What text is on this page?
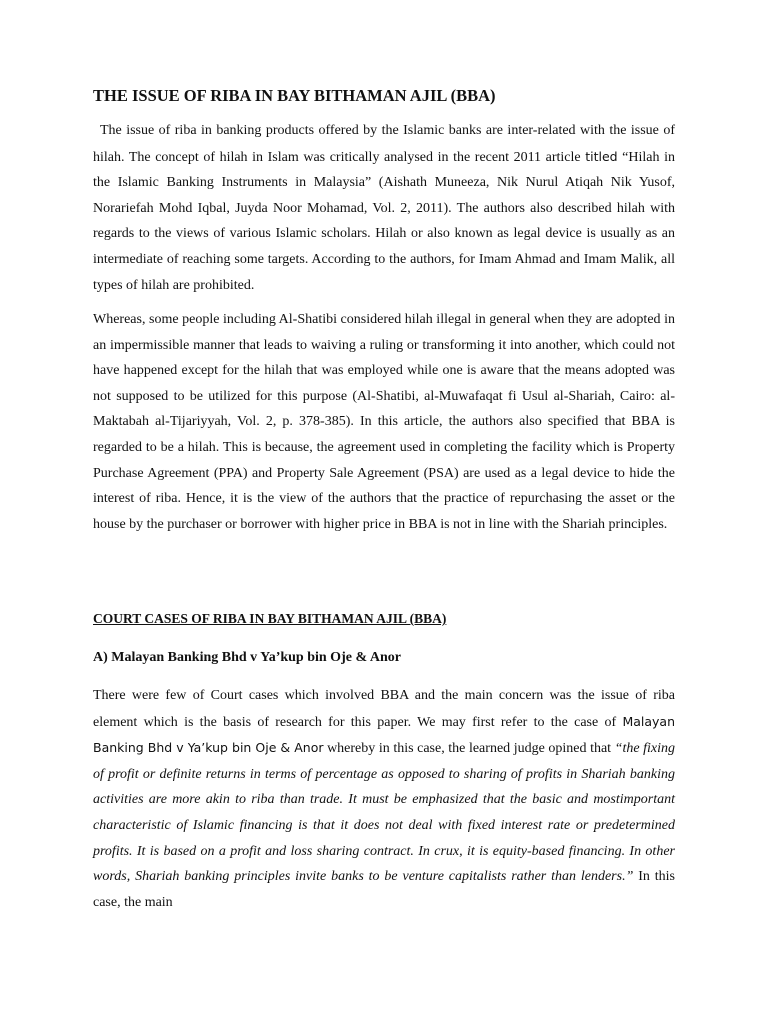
THE ISSUE OF RIBA IN BAY BITHAMAN AJIL (BBA)

The issue of riba in banking products offered by the Islamic banks are inter-related with the issue of hilah. The concept of hilah in Islam was critically analysed in the recent 2011 article titled “Hilah in the Islamic Banking Instruments in Malaysia” (Aishath Muneeza, Nik Nurul Atiqah Nik Yusof, Norariefah Mohd Iqbal, Juyda Noor Mohamad, Vol. 2, 2011). The authors also described hilah with regards to the views of various Islamic scholars. Hilah or also known as legal device is usually as an intermediate of reaching some targets. According to the authors, for Imam Ahmad and Imam Malik, all types of hilah are prohibited.

Whereas, some people including Al-Shatibi considered hilah illegal in general when they are adopted in an impermissible manner that leads to waiving a ruling or transforming it into another, which could not have happened except for the hilah that was employed while one is aware that the means adopted was not supposed to be utilized for this purpose (Al-Shatibi, al-Muwafaqat fi Usul al-Shariah, Cairo: al-Maktabah al-Tijariyyah, Vol. 2, p. 378-385). In this article, the authors also specified that BBA is regarded to be a hilah. This is because, the agreement used in completing the facility which is Property Purchase Agreement (PPA) and Property Sale Agreement (PSA) are used as a legal device to hide the interest of riba. Hence, it is the view of the authors that the practice of repurchasing the asset or the house by the purchaser or borrower with higher price in BBA is not in line with the Shariah principles.

COURT CASES OF RIBA IN BAY BITHAMAN AJIL (BBA)
A) Malayan Banking Bhd v Ya’kup bin Oje & Anor

There were few of Court cases which involved BBA and the main concern was the issue of riba element which is the basis of research for this paper. We may first refer to the case of Malayan Banking Bhd v Ya’kup bin Oje & Anor whereby in this case, the learned judge opined that “the fixing of profit or definite returns in terms of percentage as opposed to sharing of profits in Shariah banking activities are more akin to riba than trade. It must be emphasized that the basic and mostimportant characteristic of Islamic financing is that it does not deal with fixed interest rate or predetermined profits. It is based on a profit and loss sharing contract. In crux, it is equity-based financing. In other words, Shariah banking principles invite banks to be venture capitalists rather than lenders.” In this case, the main
